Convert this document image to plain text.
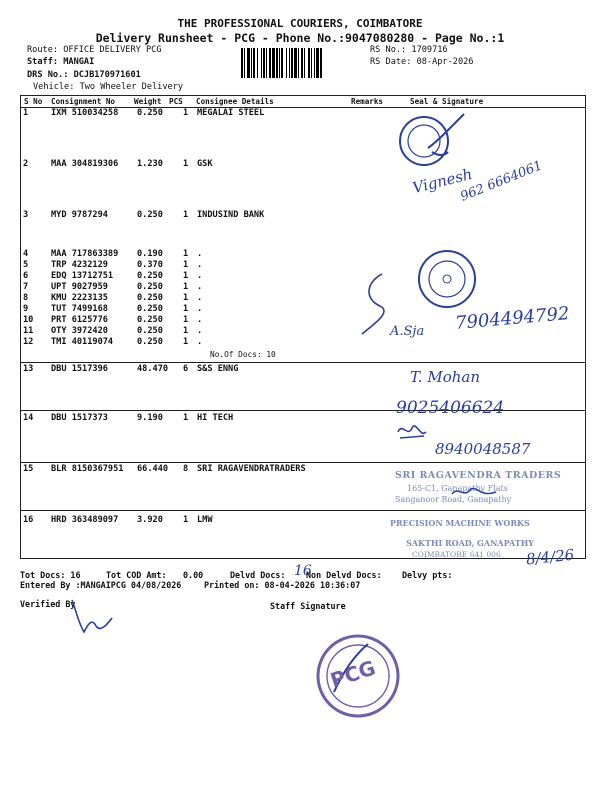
THE PROFESSIONAL COURIERS, COIMBATORE
Delivery Runsheet - PCG - Phone No.:9047080280 - Page No.:1
Route: OFFICE DELIVERY PCG
Staff: MANGAI
DRS No.: DCJB170971601
Vehicle: Two Wheeler Delivery
RS No.: 1709716
RS Date: 08-Apr-2026
S No Consignment No Weight PCS Consignee Details	Remarks	Seal & Signature
1	IXM 510034258 0.250 1 MEGALAI STEEL
2	MAA 304819306 1.230 1 GSK
3	MYD 9787294	0.250 1 INDUSIND BANK
4	MAA 717863389 0.190 1 .
5	TRP 4232129	0.370 1 .
6	EDQ 13712751	0.250 1 .
7	UPT 9027959	0.250 1 .
8	KMU 2223135	0.250 1 .
9	TUT 7499168	0.250 1 .
10 PRT 6125776	0.250 1 .
11 OTY 3972420	0.250 1 .
12 TMI 40119074	0.250 1 .
13 DBU 1517396	48.470 6 S&S ENNG
14 DBU 1517373	9.190 1 HI TECH
15 BLR 8150367951 66.440 8 SRI RAGAVENDRATRADERS
16 HRD 363489097 3.920 1 LMW
No.Of Docs: 10
Vignesh
962 6664061
A.Sja 7904494792
T. Mohan
9025406624
8940048587
SRI RAGAVENDRA TRADERS
165-C1, Ganapathy Flats
Sanganoor Road, Ganapathy
PRECISION MACHINE WORKS
SAKTHI ROAD, GANAPATHY
COIMBATORE 641 006	8/4/26
Tot Docs: 16	Tot COD Amt: 0.00	Delvd Docs: 16
Non Delvd Docs: Delvy pts:
Entered By :MANGAIPCG 04/08/2026	Printed on: 08-04-2026 10:36:07
Verified By	Staff Signature
PCG
